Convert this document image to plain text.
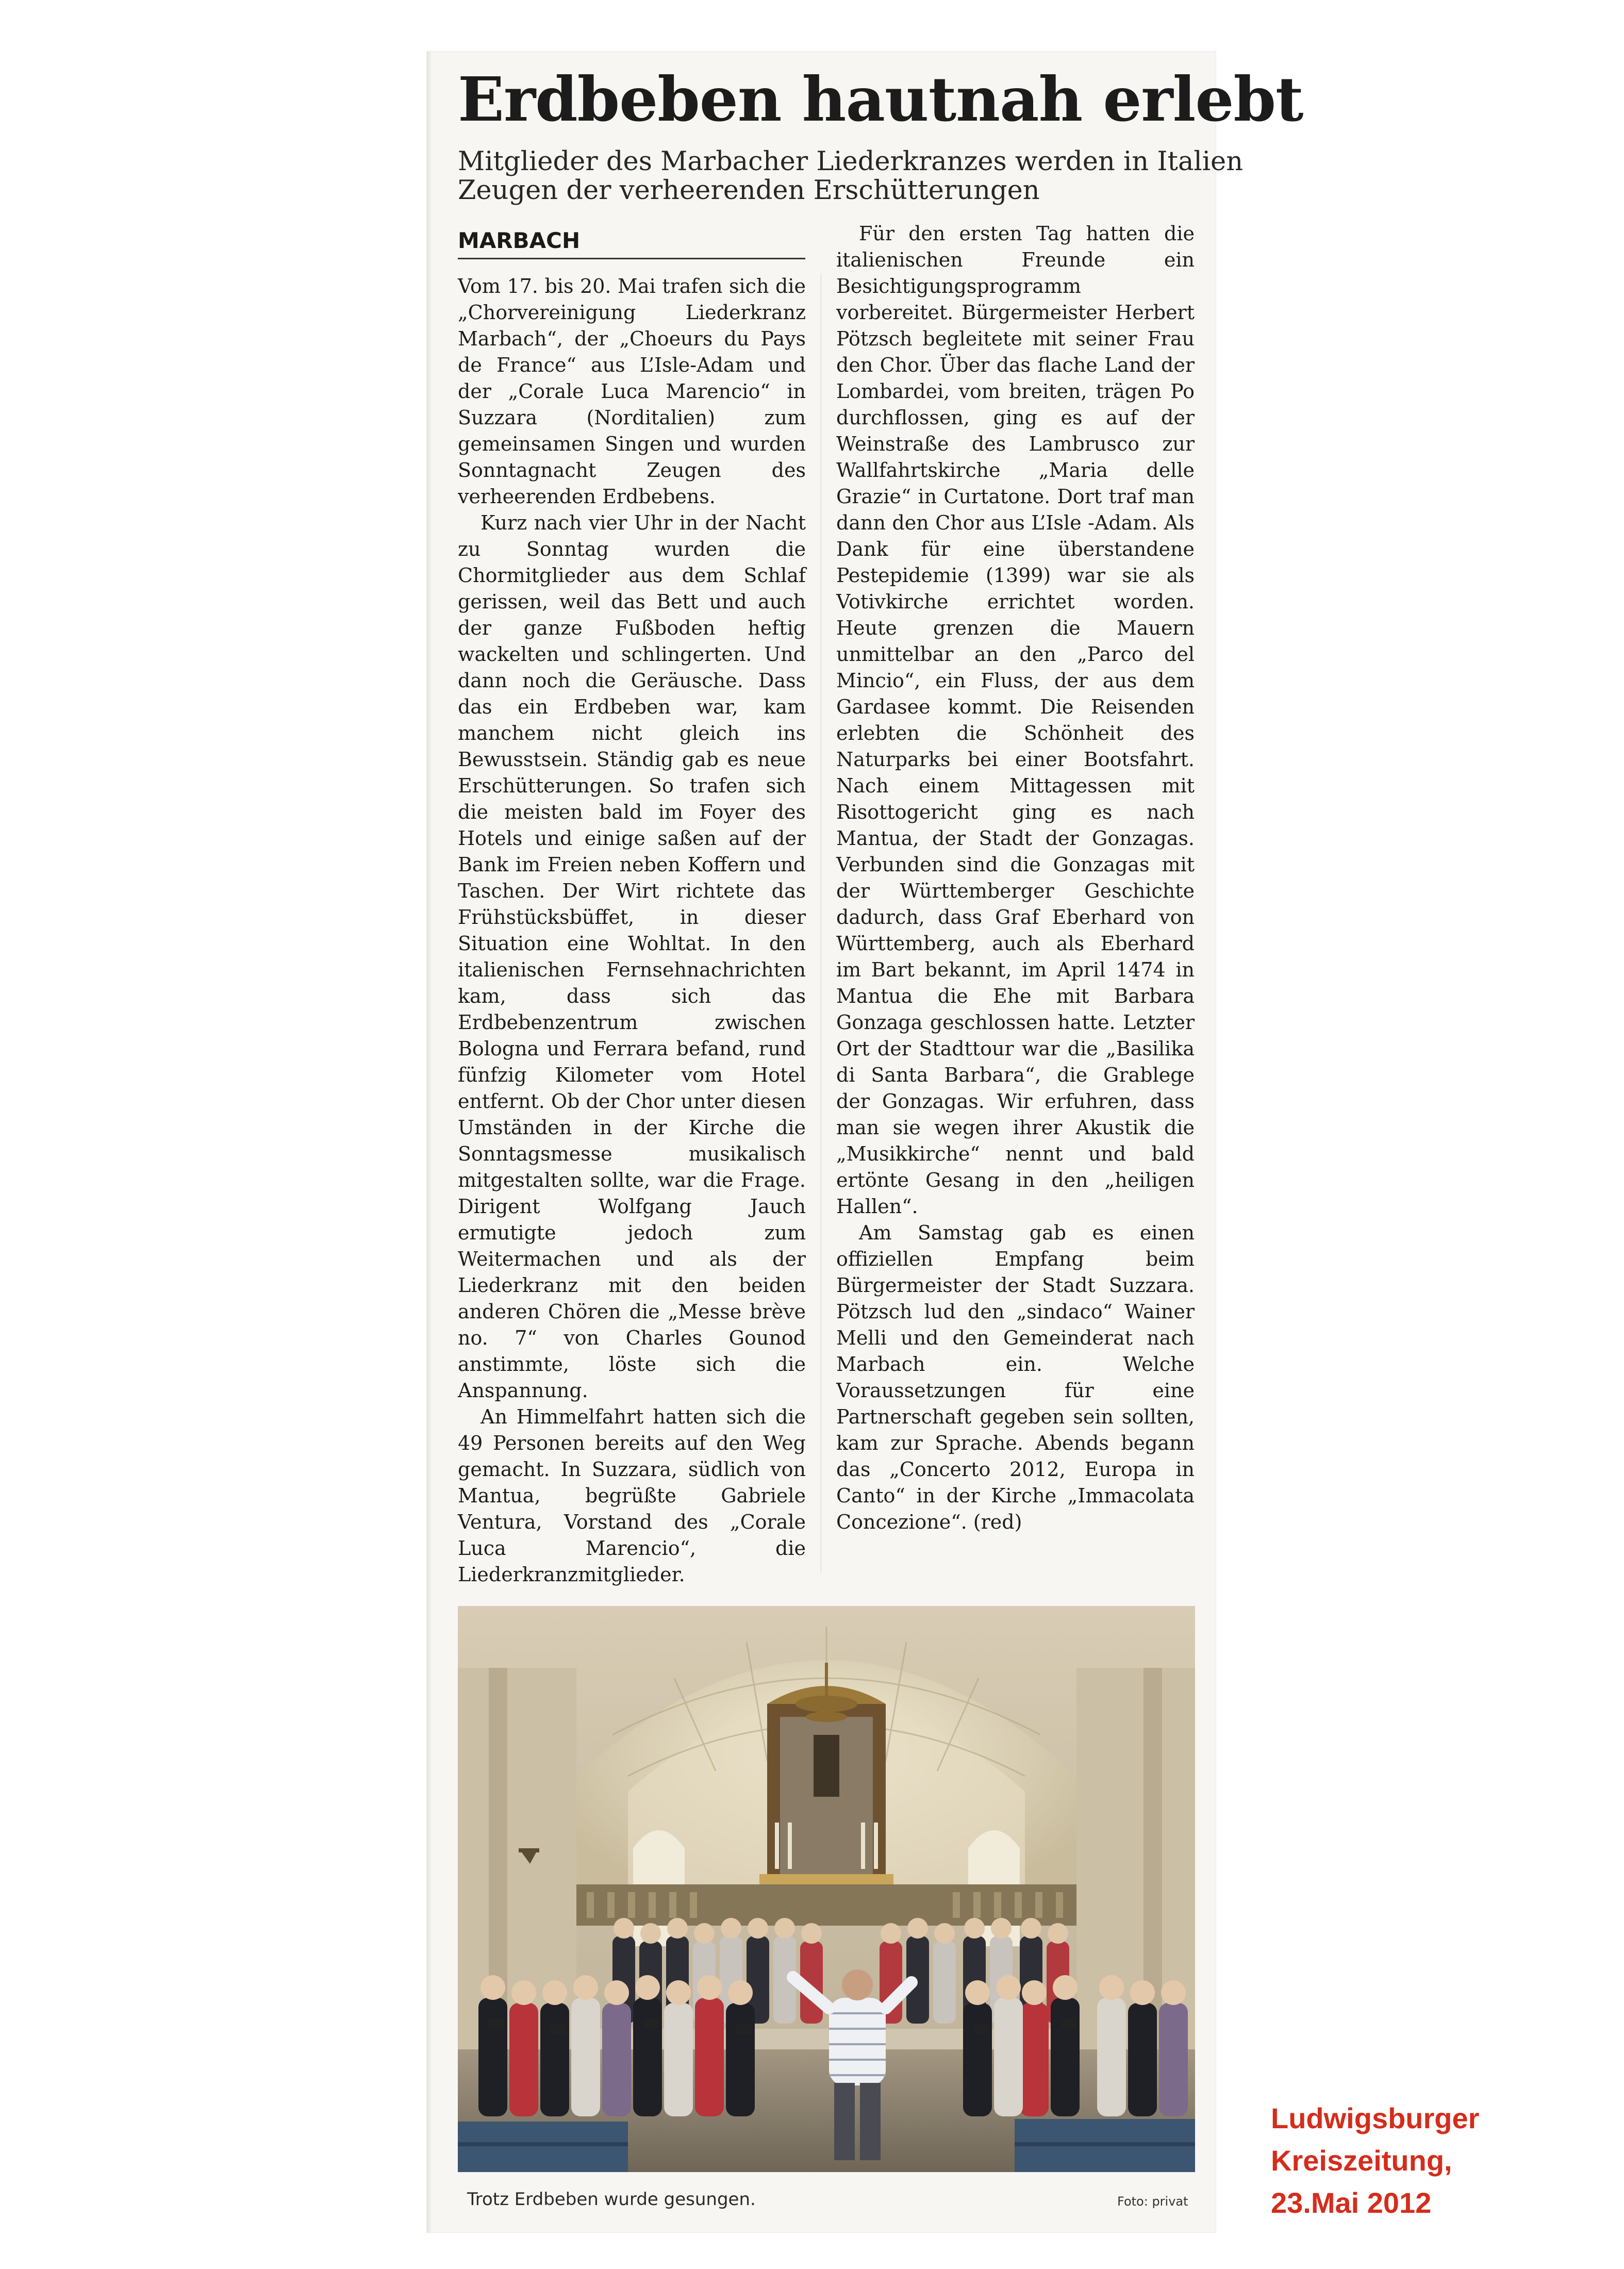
Erdbeben hautnah erlebt
Mitglieder des Marbacher Liederkranzes werden in Italien
Zeugen der verheerenden Erschütterungen
MARBACH

Vom 17. bis 20. Mai trafen sich die „Chorvereinigung Liederkranz Marbach“, der „Choeurs du Pays de France“ aus L’Isle-Adam und der „Corale Luca Marencio“ in Suzzara (Norditalien) zum gemeinsamen Singen und wurden Sonntagnacht Zeugen des verheerenden Erdbebens.

Kurz nach vier Uhr in der Nacht zu Sonntag wurden die Chormitglieder aus dem Schlaf gerissen, weil das Bett und auch der ganze Fußboden heftig wackelten und schlingerten. Und dann noch die Geräusche. Dass das ein Erdbeben war, kam manchem nicht gleich ins Bewusstsein. Ständig gab es neue Erschütterungen. So trafen sich die meisten bald im Foyer des Hotels und einige saßen auf der Bank im Freien neben Koffern und Taschen. Der Wirt richtete das Frühstücksbüffet, in dieser Situation eine Wohltat. In den italienischen Fernsehnachrichten kam, dass sich das Erdbebenzentrum zwischen Bologna und Ferrara befand, rund fünfzig Kilometer vom Hotel entfernt. Ob der Chor unter diesen Umständen in der Kirche die Sonntagsmesse musikalisch mitgestalten sollte, war die Frage. Dirigent Wolfgang Jauch ermutigte jedoch zum Weitermachen und als der Liederkranz mit den beiden anderen Chören die „Messe brève no. 7“ von Charles Gounod anstimmte, löste sich die Anspannung.

An Himmelfahrt hatten sich die 49 Personen bereits auf den Weg gemacht. In Suzzara, südlich von Mantua, begrüßte Gabriele Ventura, Vorstand des „Corale Luca Marencio“, die Liederkranzmitglieder.

Für den ersten Tag hatten die italienischen Freunde ein Besichtigungsprogramm vorbereitet. Bürgermeister Herbert Pötzsch begleitete mit seiner Frau den Chor. Über das flache Land der Lombardei, vom breiten, trägen Po durchflossen, ging es auf der Weinstraße des Lambrusco zur Wallfahrtskirche „Maria delle Grazie“ in Curtatone. Dort traf man dann den Chor aus L’Isle -Adam. Als Dank für eine überstandene Pestepidemie (1399) war sie als Votivkirche errichtet worden. Heute grenzen die Mauern unmittelbar an den „Parco del Mincio“, ein Fluss, der aus dem Gardasee kommt. Die Reisenden erlebten die Schönheit des Naturparks bei einer Bootsfahrt. Nach einem Mittagessen mit Risottogericht ging es nach Mantua, der Stadt der Gonzagas. Verbunden sind die Gonzagas mit der Württemberger Geschichte dadurch, dass Graf Eberhard von Württemberg, auch als Eberhard im Bart bekannt, im April 1474 in Mantua die Ehe mit Barbara Gonzaga geschlossen hatte. Letzter Ort der Stadttour war die „Basilika di Santa Barbara“, die Grablege der Gonzagas. Wir erfuhren, dass man sie wegen ihrer Akustik die „Musikkirche“ nennt und bald ertönte Gesang in den „heiligen Hallen“.

Am Samstag gab es einen offiziellen Empfang beim Bürgermeister der Stadt Suzzara. Pötzsch lud den „sindaco“ Wainer Melli und den Gemeinderat nach Marbach ein. Welche Voraussetzungen für eine Partnerschaft gegeben sein sollten, kam zur Sprache. Abends begann das „Concerto 2012, Europa in Canto“ in der Kirche „Immacolata Concezione“. (red)

Trotz Erdbeben wurde gesungen.	Foto: privat
Ludwigsburger
Kreiszeitung,
23.Mai 2012
